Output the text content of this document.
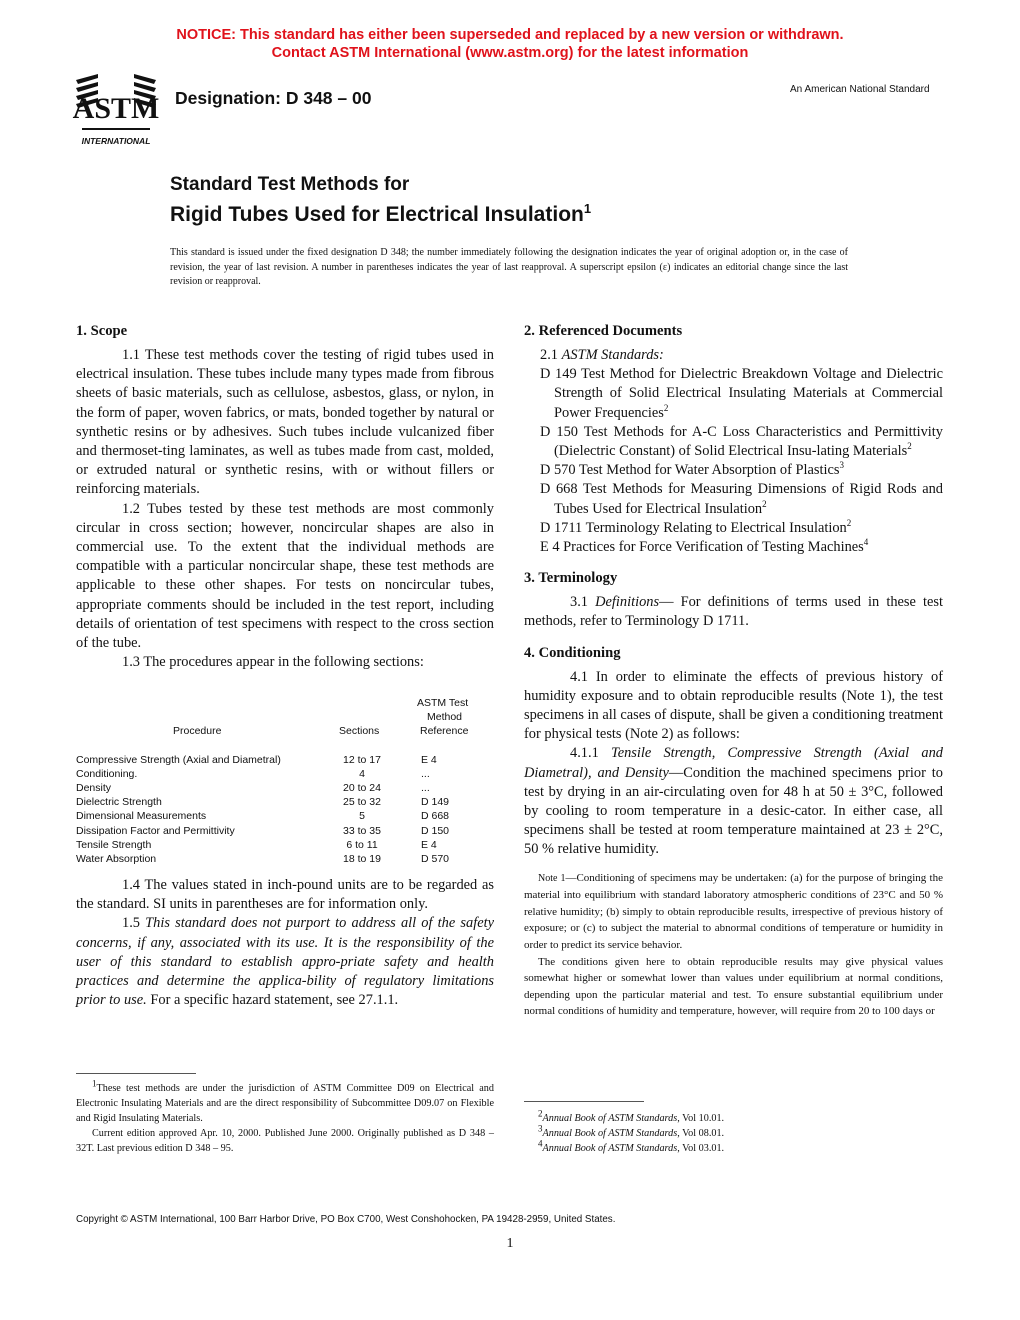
NOTICE: This standard has either been superseded and replaced by a new version or withdrawn.
Contact ASTM International (www.astm.org) for the latest information
ASTM
INTERNATIONAL
Designation: D 348 – 00	An American National Standard
Standard Test Methods for
Rigid Tubes Used for Electrical Insulation$^1$
This standard is issued under the fixed designation D 348; the number immediately following the designation indicates the year of original adoption or, in the case of revision, the year of last revision. A number in parentheses indicates the year of last reapproval. A superscript epsilon (ε) indicates an editorial change since the last revision or reapproval.
1. Scope

1.1 These test methods cover the testing of rigid tubes used in electrical insulation. These tubes include many types made from fibrous sheets of basic materials, such as cellulose, asbestos, glass, or nylon, in the form of paper, woven fabrics, or mats, bonded together by natural or synthetic resins or by adhesives. Such tubes include vulcanized fiber and thermoset-ting laminates, as well as tubes made from cast, molded, or extruded natural or synthetic resins, with or without fillers or reinforcing materials.

1.2 Tubes tested by these test methods are most commonly circular in cross section; however, noncircular shapes are also in commercial use. To the extent that the individual methods are compatible with a particular noncircular shape, these test methods are applicable to these other shapes. For tests on noncircular tubes, appropriate comments should be included in the test report, including details of orientation of test specimens with respect to the cross section of the tube.

1.3 The procedures appear in the following sections:

ASTM Test
Method
Reference
Procedure	Sections
Compressive Strength (Axial and Diametral)	12 to 17	E 4
Conditioning.	4	...
Density	20 to 24	...
Dielectric Strength	25 to 32	D 149
Dimensional Measurements	5	D 668
Dissipation Factor and Permittivity	33 to 35	D 150
Tensile Strength	6 to 11	E 4
Water Absorption	18 to 19	D 570

1.4 The values stated in inch-pound units are to be regarded as the standard. SI units in parentheses are for information only.

1.5 This standard does not purport to address all of the safety concerns, if any, associated with its use. It is the responsibility of the user of this standard to establish appro-priate safety and health practices and determine the applica-bility of regulatory limitations prior to use. For a specific hazard statement, see 27.1.1.

$^1$These test methods are under the jurisdiction of ASTM Committee D09 on Electrical and Electronic Insulating Materials and are the direct responsibility of Subcommittee D09.07 on Flexible and Rigid Insulating Materials.

Current edition approved Apr. 10, 2000. Published June 2000. Originally published as D 348 – 32T. Last previous edition D 348 – 95.

2. Referenced Documents

2.1 ASTM Standards:

D 149 Test Method for Dielectric Breakdown Voltage and Dielectric Strength of Solid Electrical Insulating Materials at Commercial Power Frequencies$^2$

D 150 Test Methods for A-C Loss Characteristics and Permittivity (Dielectric Constant) of Solid Electrical Insu-lating Materials$^2$

D 570 Test Method for Water Absorption of Plastics$^3$

D 668 Test Methods for Measuring Dimensions of Rigid Rods and Tubes Used for Electrical Insulation$^2$

D 1711 Terminology Relating to Electrical Insulation$^2$

E 4 Practices for Force Verification of Testing Machines$^4$

3. Terminology

3.1 Definitions— For definitions of terms used in these test methods, refer to Terminology D 1711.

4. Conditioning

4.1 In order to eliminate the effects of previous history of humidity exposure and to obtain reproducible results (Note 1), the test specimens in all cases of dispute, shall be given a conditioning treatment for physical tests (Note 2) as follows:

4.1.1 Tensile Strength, Compressive Strength (Axial and Diametral), and Density—Condition the machined specimens prior to test by drying in an air-circulating oven for 48 h at 50 ± 3°C, followed by cooling to room temperature in a desic-cator. In either case, all specimens shall be tested at room temperature maintained at 23 ± 2°C, 50 % relative humidity.

Note 1—Conditioning of specimens may be undertaken: (a) for the purpose of bringing the material into equilibrium with standard laboratory atmospheric conditions of 23°C and 50 % relative humidity; (b) simply to obtain reproducible results, irrespective of previous history of exposure; or (c) to subject the material to abnormal conditions of temperature or humidity in order to predict its service behavior.

The conditions given here to obtain reproducible results may give physical values somewhat higher or somewhat lower than values under equilibrium at normal conditions, depending upon the particular material and test. To ensure substantial equilibrium under normal conditions of humidity and temperature, however, will require from 20 to 100 days or

$^2$Annual Book of ASTM Standards, Vol 10.01.

$^3$Annual Book of ASTM Standards, Vol 08.01.

$^4$Annual Book of ASTM Standards, Vol 03.01.

Copyright © ASTM International, 100 Barr Harbor Drive, PO Box C700, West Conshohocken, PA 19428-2959, United States.
1
